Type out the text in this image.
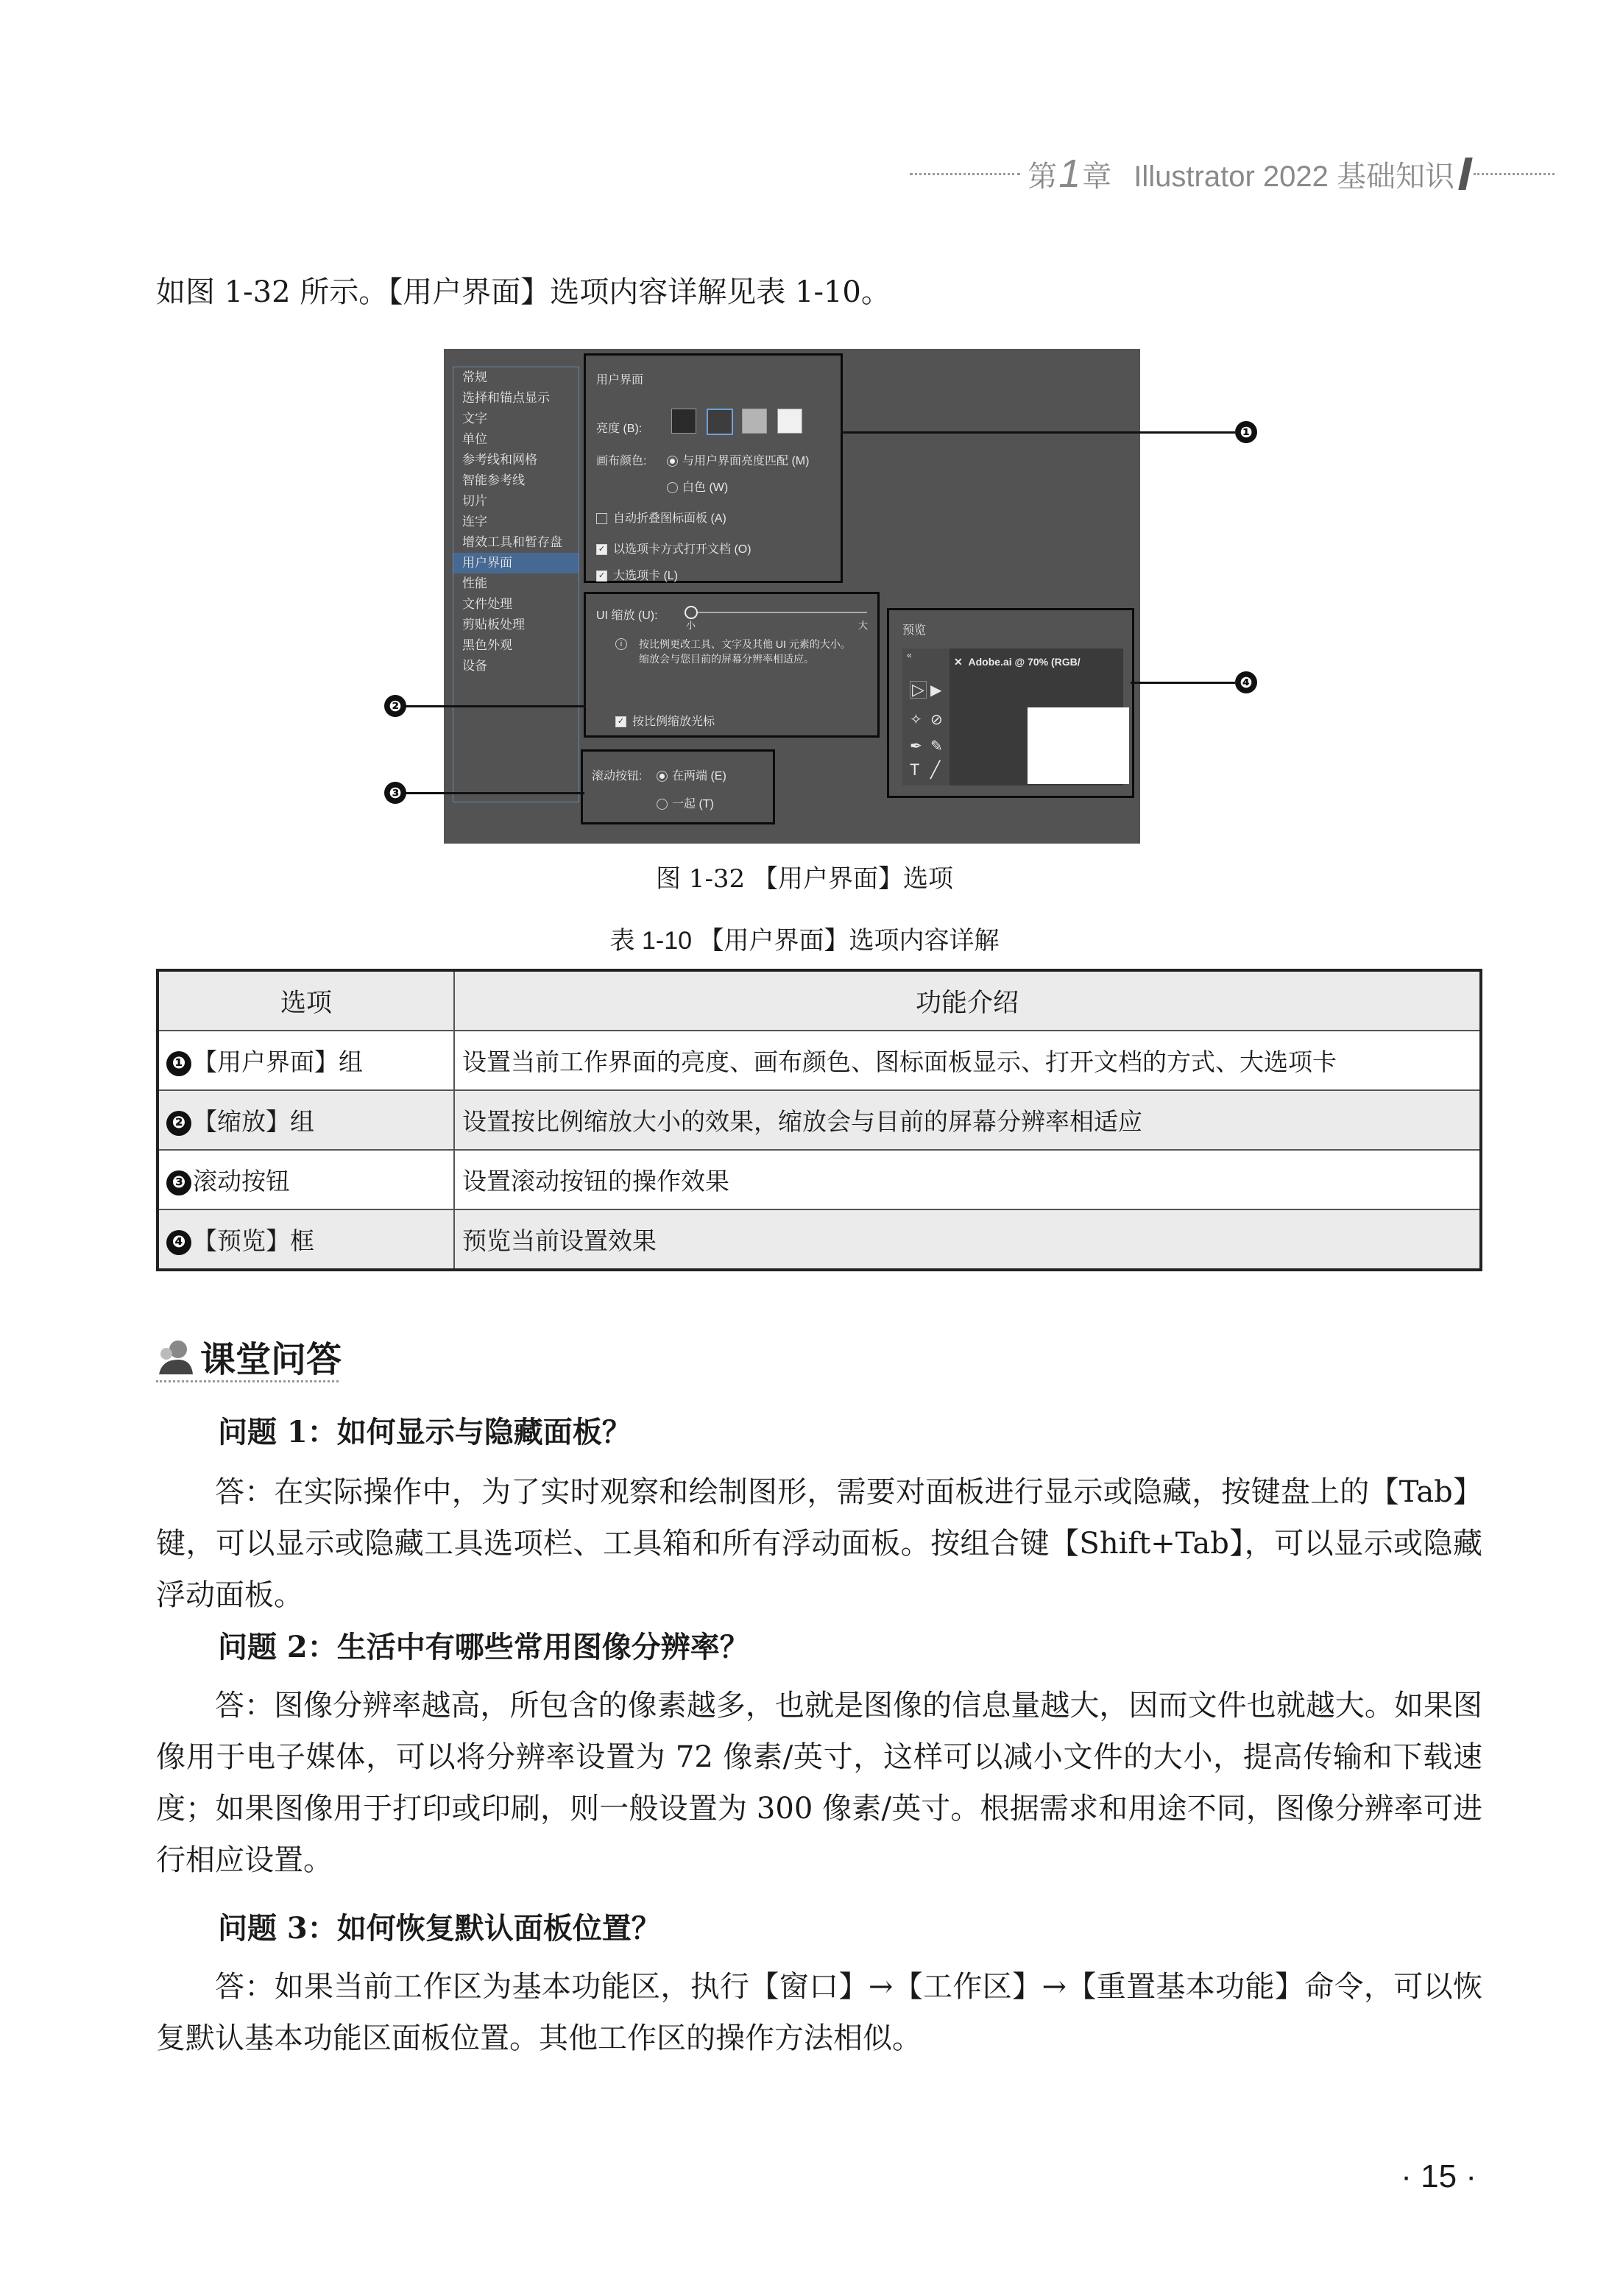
第 1 章 Illustrator 2022 基础知识
如图 1-32 所示。【用户界面】选项内容详解见表 1-10。
常规
选择和锚点显示
文字
单位
参考线和网格
智能参考线
切片
连字
增效工具和暂存盘
用户界面
性能
文件处理
剪贴板处理
黑色外观
设备
用户界面
亮度 (B):
画布颜色:	与用户界面亮度匹配 (M)
白色 (W)
自动折叠图标面板 (A)
✓ 以选项卡方式打开文档 (O)
✓ 大选项卡 (L)
UI 缩放 (U):
小	大
i	按比例更改工具、文字及其他 UI 元素的大小。缩放会与您目前的屏幕分辨率相适应。
✓ 按比例缩放光标
滚动按钮:	在两端 (E)
一起 (T)
预览
«
▷ ▶
✧ ⊘
✒ ✎
T ╱
✕  Adobe.ai @ 70% (RGB/
❶
❷
❸
❹
图 1-32 【用户界面】选项
表 1-10 【用户界面】选项内容详解
选项	功能介绍
❶ 【用户界面】组	设置当前工作界面的亮度、画布颜色、图标面板显示、打开文档的方式、大选项卡
❷ 【缩放】组	设置按比例缩放大小的效果，缩放会与目前的屏幕分辨率相适应
❸ 滚动按钮	设置滚动按钮的操作效果
❹ 【预览】框	预览当前设置效果
课堂问答
问题 1：如何显示与隐藏面板？
答：在实际操作中，为了实时观察和绘制图形，需要对面板进行显示或隐藏，按键盘上的【Tab】键，可以显示或隐藏工具选项栏、工具箱和所有浮动面板。按组合键【Shift+Tab】，可以显示或隐藏浮动面板。
问题 2：生活中有哪些常用图像分辨率？
答：图像分辨率越高，所包含的像素越多，也就是图像的信息量越大，因而文件也就越大。如果图像用于电子媒体，可以将分辨率设置为 72 像素/英寸，这样可以减小文件的大小，提高传输和下载速度；如果图像用于打印或印刷，则一般设置为 300 像素/英寸。根据需求和用途不同，图像分辨率可进行相应设置。
问题 3：如何恢复默认面板位置？
答：如果当前工作区为基本功能区，执行【窗口】→【工作区】→【重置基本功能】命令，可以恢复默认基本功能区面板位置。其他工作区的操作方法相似。
· 15 ·
